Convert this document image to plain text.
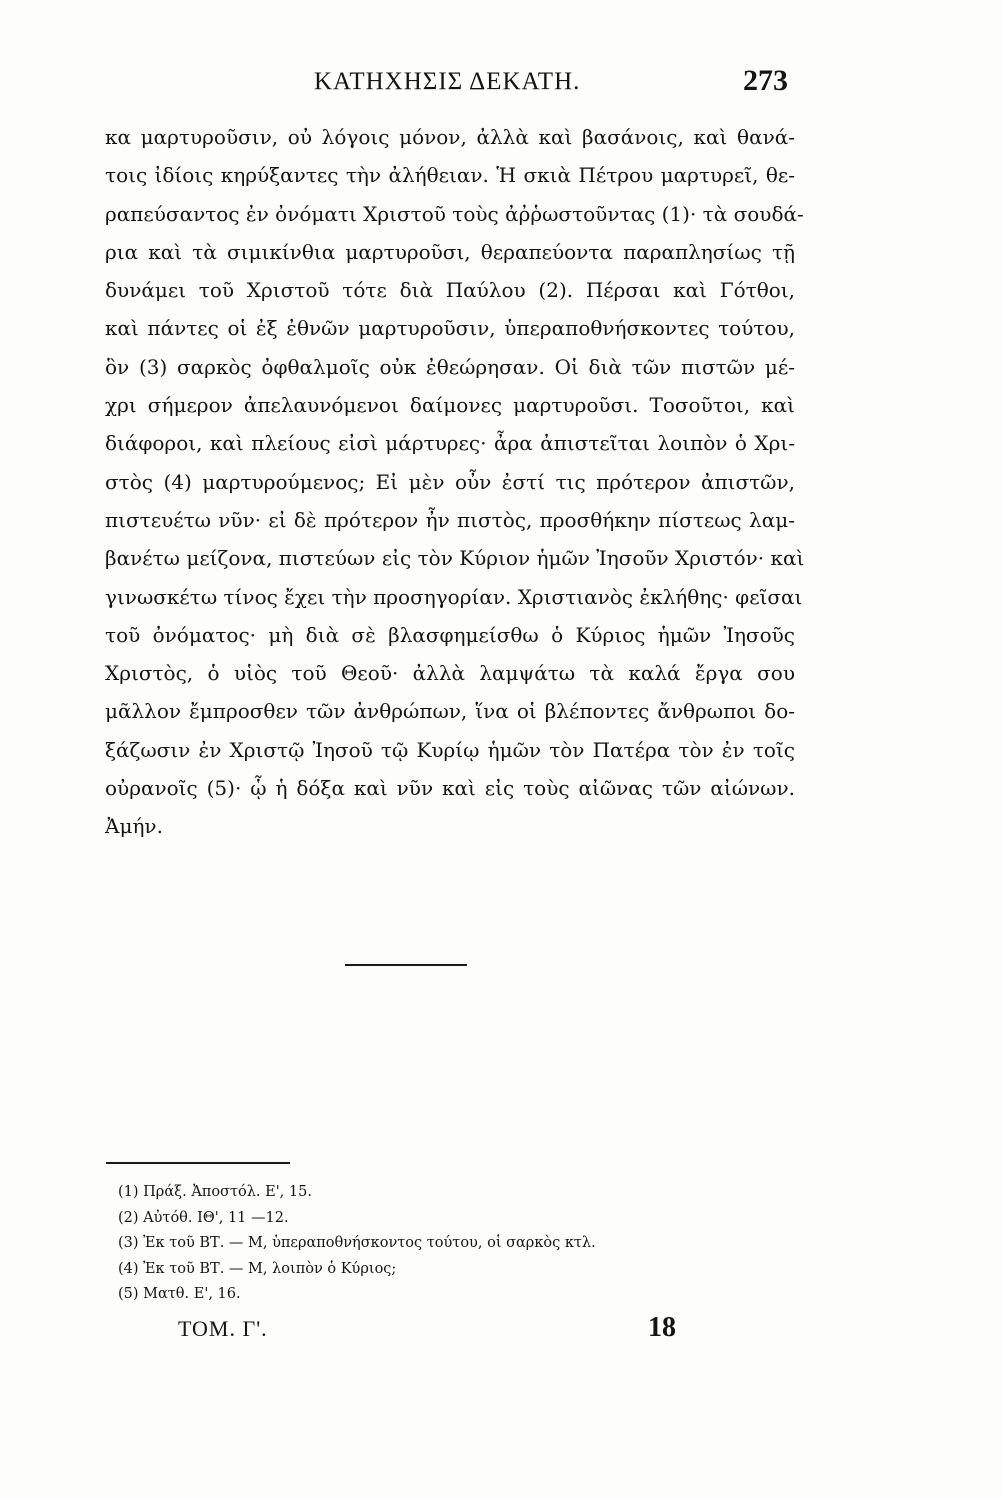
ΚΑΤΗΧΗΣΙΣ ΔΕΚΑΤΗ.	273
κα μαρτυροῦσιν, οὐ λόγοις μόνον, ἀλλὰ καὶ βασάνοις, καὶ θανά-
τοις ἰδίοις κηρύξαντες τὴν ἀλήθειαν. Ἡ σκιὰ Πέτρου μαρτυρεῖ, θε-
ραπεύσαντος ἐν ὀνόματι Χριστοῦ τοὺς ἀῤῥωστοῦντας (1)· τὰ σουδά-
ρια καὶ τὰ σιμικίνθια μαρτυροῦσι, θεραπεύοντα παραπλησίως τῇ
δυνάμει τοῦ Χριστοῦ τότε διὰ Παύλου (2). Πέρσαι καὶ Γότθοι,
καὶ πάντες οἱ ἐξ ἐθνῶν μαρτυροῦσιν, ὑπεραποθνήσκοντες τούτου,
ὃν (3) σαρκὸς ὀφθαλμοῖς οὐκ ἐθεώρησαν. Οἱ διὰ τῶν πιστῶν μέ-
χρι σήμερον ἀπελαυνόμενοι δαίμονες μαρτυροῦσι. Τοσοῦτοι, καὶ
διάφοροι, καὶ πλείους εἰσὶ μάρτυρες· ἆρα ἀπιστεῖται λοιπὸν ὁ Χρι-
στὸς (4) μαρτυρούμενος; Εἰ μὲν οὖν ἐστί τις πρότερον ἀπιστῶν,
πιστευέτω νῦν· εἰ δὲ πρότερον ἦν πιστὸς, προσθήκην πίστεως λαμ-
βανέτω μείζονα, πιστεύων εἰς τὸν Κύριον ἡμῶν Ἰησοῦν Χριστόν· καὶ
γινωσκέτω τίνος ἔχει τὴν προσηγορίαν. Χριστιανὸς ἐκλήθης· φεῖσαι
τοῦ ὀνόματος· μὴ διὰ σὲ βλασφημείσθω ὁ Κύριος ἡμῶν Ἰησοῦς
Χριστὸς, ὁ υἱὸς τοῦ Θεοῦ· ἀλλὰ λαμψάτω τὰ καλά ἔργα σου
μᾶλλον ἔμπροσθεν τῶν ἀνθρώπων, ἵνα οἱ βλέποντες ἄνθρωποι δο-
ξάζωσιν ἐν Χριστῷ Ἰησοῦ τῷ Κυρίῳ ἡμῶν τὸν Πατέρα τὸν ἐν τοῖς
οὐρανοῖς (5)· ᾧ ἡ δόξα καὶ νῦν καὶ εἰς τοὺς αἰῶνας τῶν αἰώνων.
Ἀμήν.
(1) Πράξ. Ἀποστόλ. Ε', 15.
(2) Αὐτόθ. ΙΘ', 11 —12.
(3) Ἐκ τοῦ ΒΤ. — Μ, ὑπεραποθνήσκοντος τούτου, οἱ σαρκὸς κτλ.
(4) Ἐκ τοῦ ΒΤ. — Μ, λοιπὸν ὁ Κύριος;
(5) Ματθ. Ε', 16.
ΤΟΜ. Γ'.	18
